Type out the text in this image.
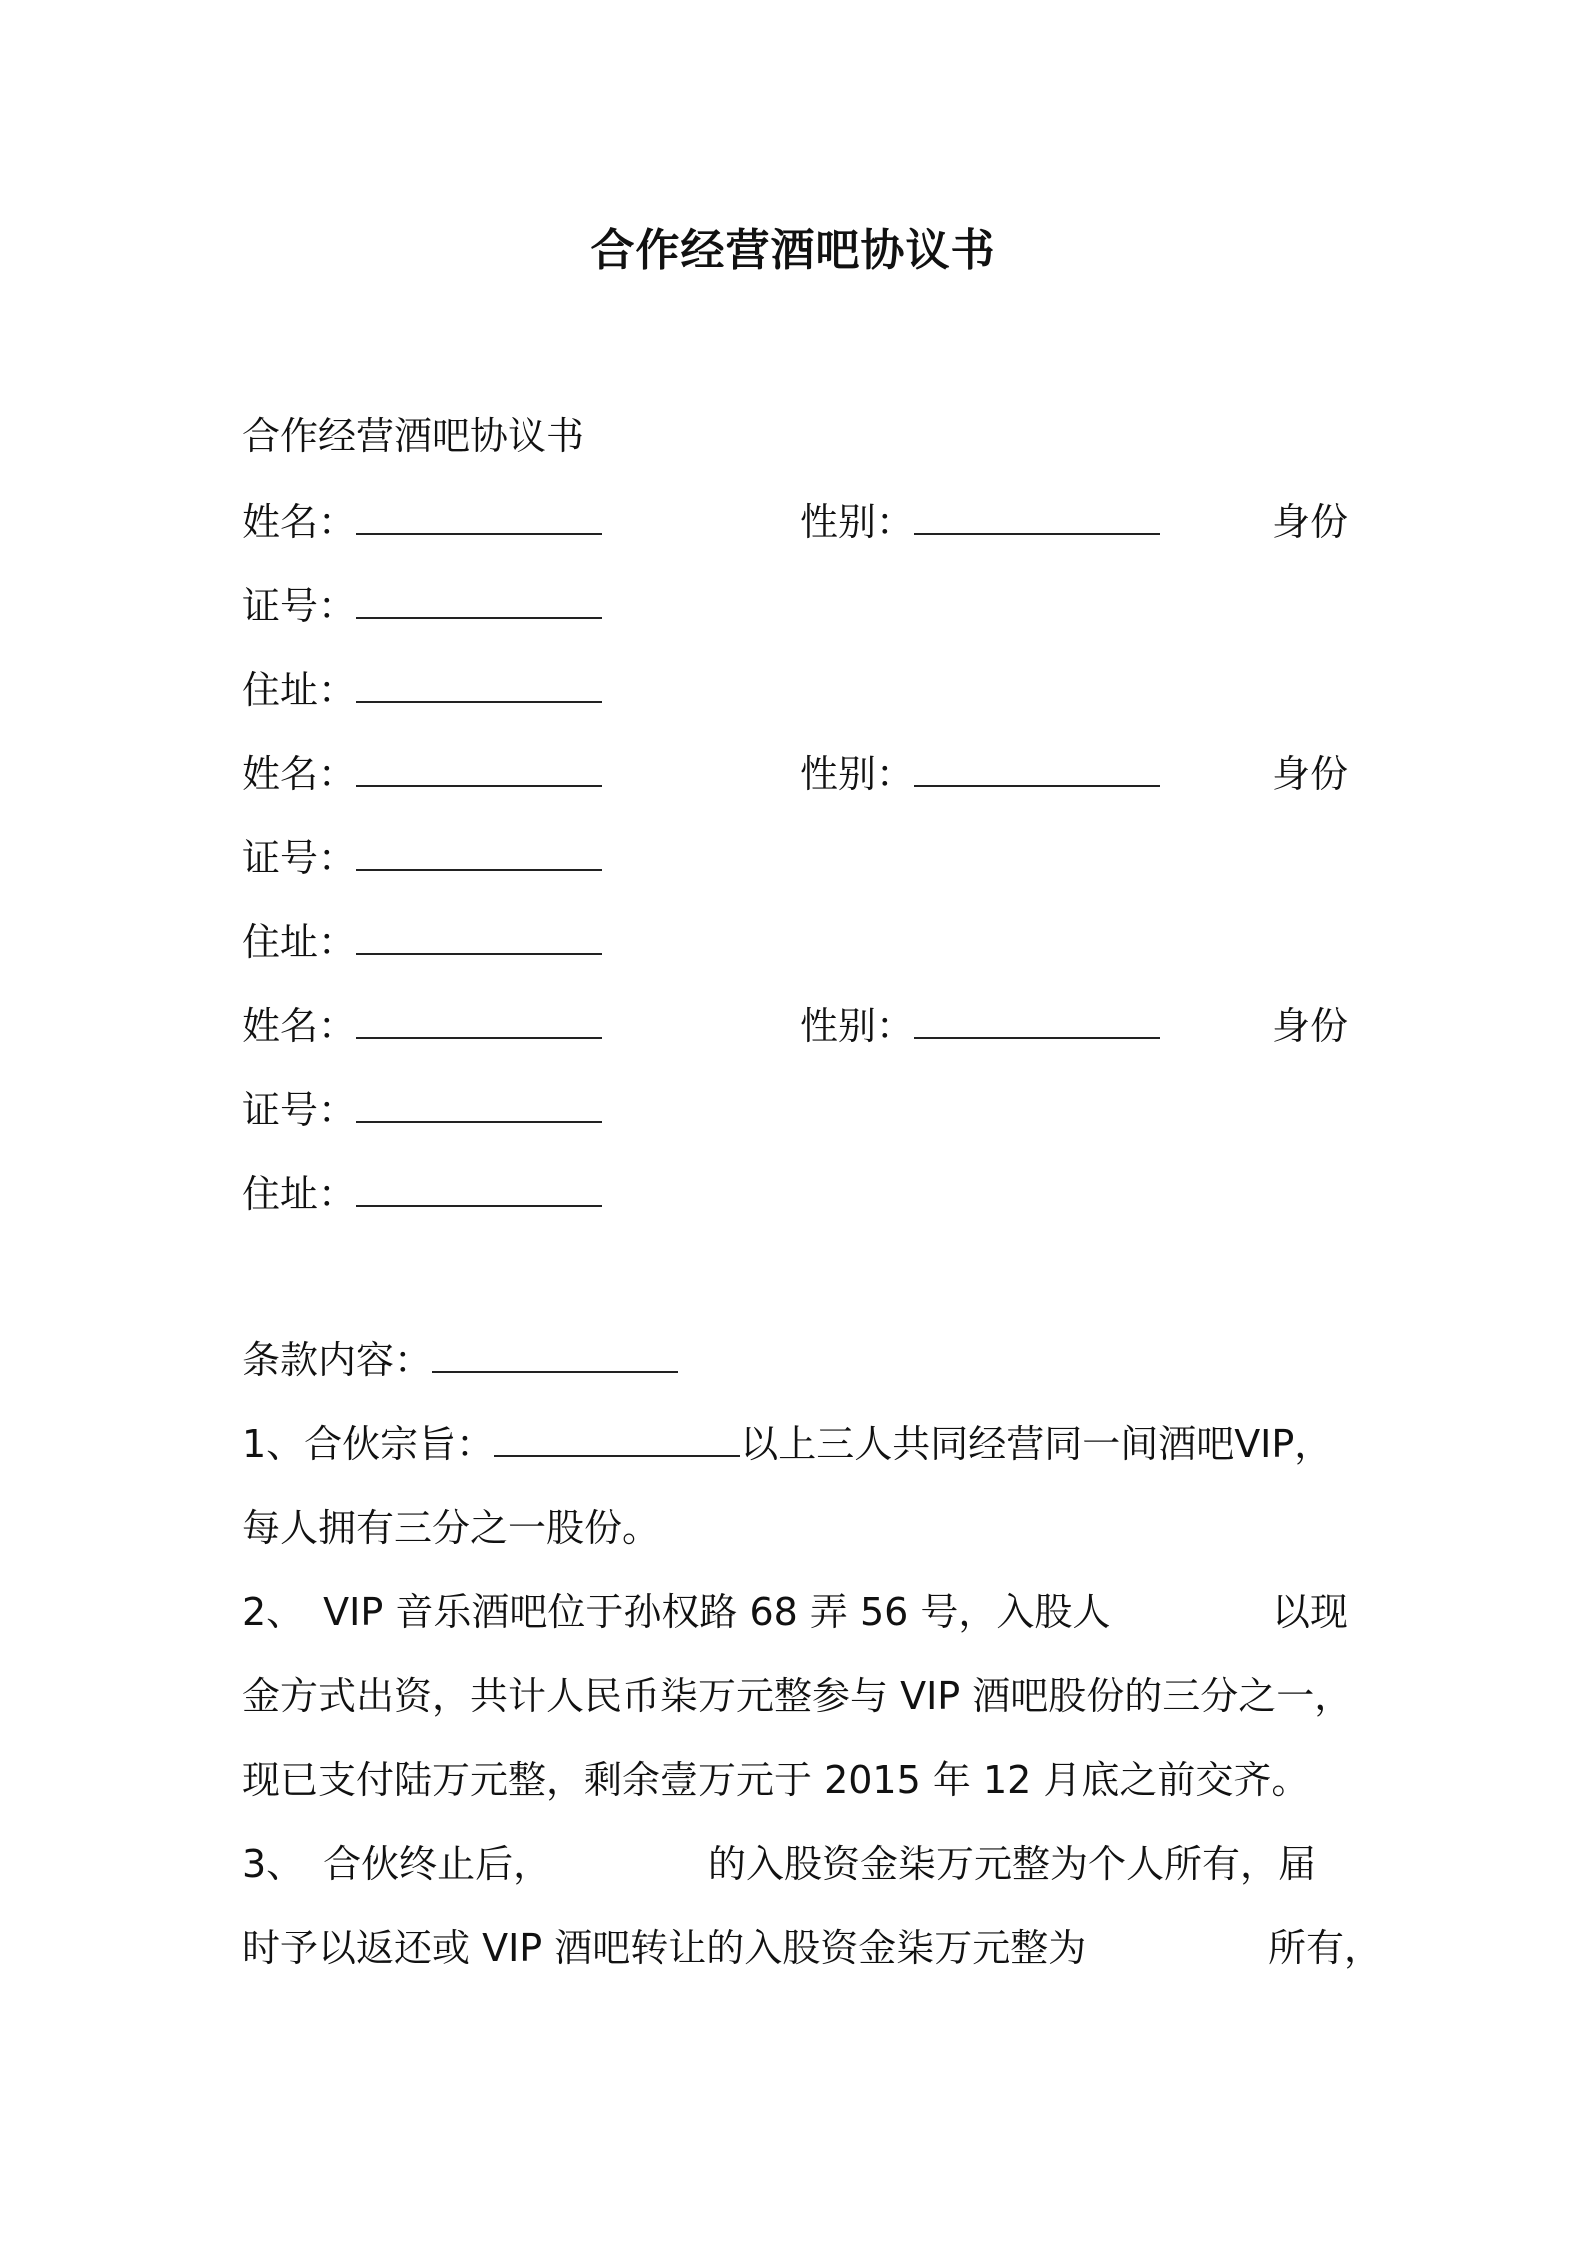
合作经营酒吧协议书
合作经营酒吧协议书
姓名：	性别：	身份
证号：
住址：
姓名：	性别：	身份
证号：
住址：
姓名：	性别：	身份
证号：
住址：
条款内容：
1、合伙宗旨：	以上三人共同经营同一间酒吧VIP，
每人拥有三分之一股份。
2、　VIP 音乐酒吧位于孙权路 68 弄 56 号，入股人	以现
金方式出资，共计人民币柒万元整参与 VIP 酒吧股份的三分之一，
现已支付陆万元整，剩余壹万元于 2015 年 12 月底之前交齐。
3、　合伙终止后，	的入股资金柒万元整为个人所有，届
时予以返还或 VIP 酒吧转让的入股资金柒万元整为	所有，
